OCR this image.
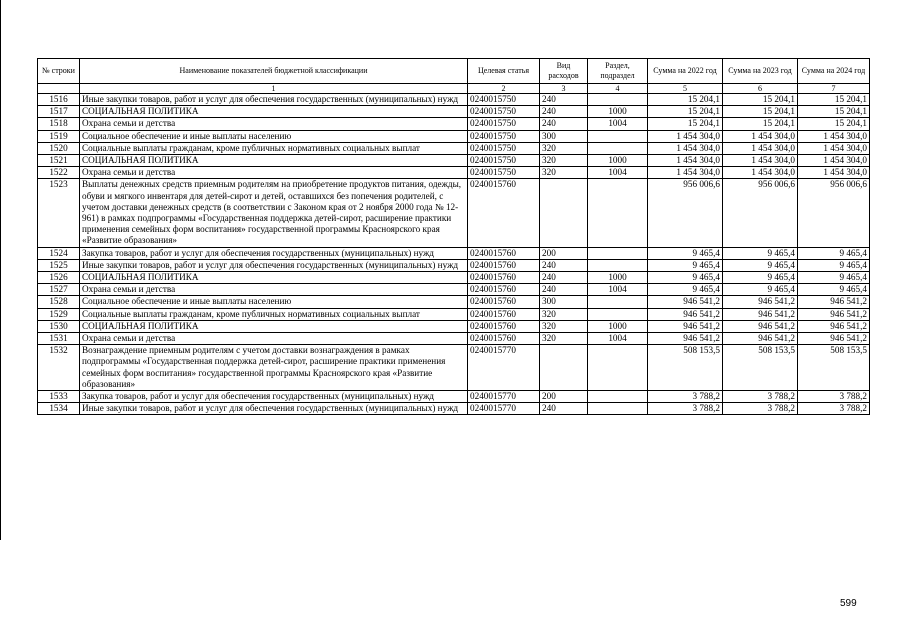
№ строки	Наименование показателей бюджетной классификации	Целевая статья	Вид расходов	Раздел, подраздел	Сумма на 2022 год	Сумма на 2023 год	Сумма на 2024 год
	1	2	3	4	5	6	7
1516	Иные закупки товаров, работ и услуг для обеспечения государственных (муниципальных) нужд	0240015750	240		15 204,1	15 204,1	15 204,1
1517	СОЦИАЛЬНАЯ ПОЛИТИКА	0240015750	240	1000	15 204,1	15 204,1	15 204,1
1518	Охрана семьи и детства	0240015750	240	1004	15 204,1	15 204,1	15 204,1
1519	Социальное обеспечение и иные выплаты населению	0240015750	300		1 454 304,0	1 454 304,0	1 454 304,0
1520	Социальные выплаты гражданам, кроме публичных нормативных социальных выплат	0240015750	320		1 454 304,0	1 454 304,0	1 454 304,0
1521	СОЦИАЛЬНАЯ ПОЛИТИКА	0240015750	320	1000	1 454 304,0	1 454 304,0	1 454 304,0
1522	Охрана семьи и детства	0240015750	320	1004	1 454 304,0	1 454 304,0	1 454 304,0
1523	Выплаты денежных средств приемным родителям на приобретение продуктов питания, одежды, обуви и мягкого инвентаря для детей-сирот и детей, оставшихся без попечения родителей, с учетом доставки денежных средств (в соответствии с Законом края от 2 ноября 2000 года № 12-961) в рамках подпрограммы «Государственная поддержка детей-сирот, расширение практики применения семейных форм воспитания» государственной программы Красноярского края «Развитие образования»	0240015760			956 006,6	956 006,6	956 006,6
1524	Закупка товаров, работ и услуг для обеспечения государственных (муниципальных) нужд	0240015760	200		9 465,4	9 465,4	9 465,4
1525	Иные закупки товаров, работ и услуг для обеспечения государственных (муниципальных) нужд	0240015760	240		9 465,4	9 465,4	9 465,4
1526	СОЦИАЛЬНАЯ ПОЛИТИКА	0240015760	240	1000	9 465,4	9 465,4	9 465,4
1527	Охрана семьи и детства	0240015760	240	1004	9 465,4	9 465,4	9 465,4
1528	Социальное обеспечение и иные выплаты населению	0240015760	300		946 541,2	946 541,2	946 541,2
1529	Социальные выплаты гражданам, кроме публичных нормативных социальных выплат	0240015760	320		946 541,2	946 541,2	946 541,2
1530	СОЦИАЛЬНАЯ ПОЛИТИКА	0240015760	320	1000	946 541,2	946 541,2	946 541,2
1531	Охрана семьи и детства	0240015760	320	1004	946 541,2	946 541,2	946 541,2
1532	Вознаграждение приемным родителям с учетом доставки вознаграждения в рамках подпрограммы «Государственная поддержка детей-сирот, расширение практики применения семейных форм воспитания» государственной программы Красноярского края «Развитие образования»	0240015770			508 153,5	508 153,5	508 153,5
1533	Закупка товаров, работ и услуг для обеспечения государственных (муниципальных) нужд	0240015770	200		3 788,2	3 788,2	3 788,2
1534	Иные закупки товаров, работ и услуг для обеспечения государственных (муниципальных) нужд	0240015770	240		3 788,2	3 788,2	3 788,2
599
